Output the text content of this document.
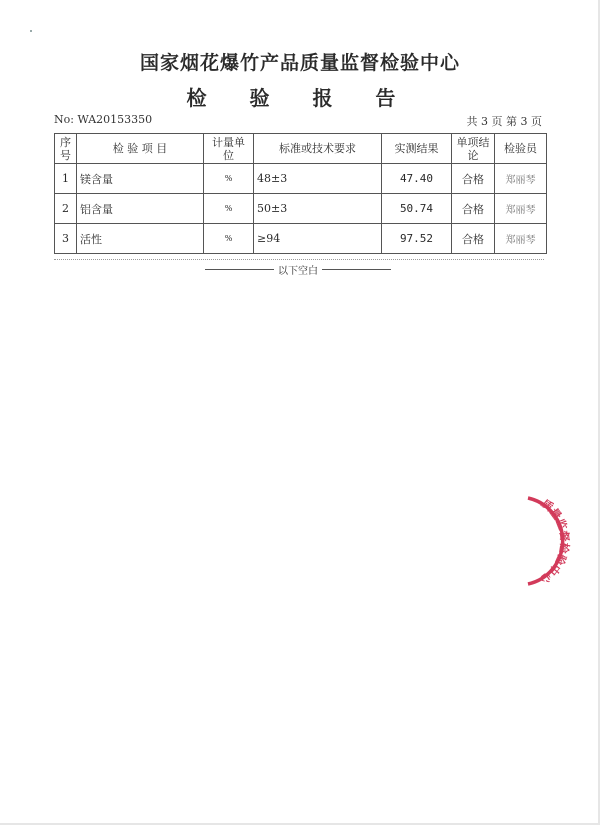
国家烟花爆竹产品质量监督检验中心
检 验 报 告
No: WA20153350	共 3 页 第 3 页
序号	检 验 项 目	计量单位	标准或技术要求	实测结果	单项结论	检验员
1	镁含量	%	48±3	47.40	合格	郑丽琴
2	铝含量	%	50±3	50.74	合格	郑丽琴
3	活性	%	≥94	97.52	合格	郑丽琴
以下空白
质量监督检验中心
